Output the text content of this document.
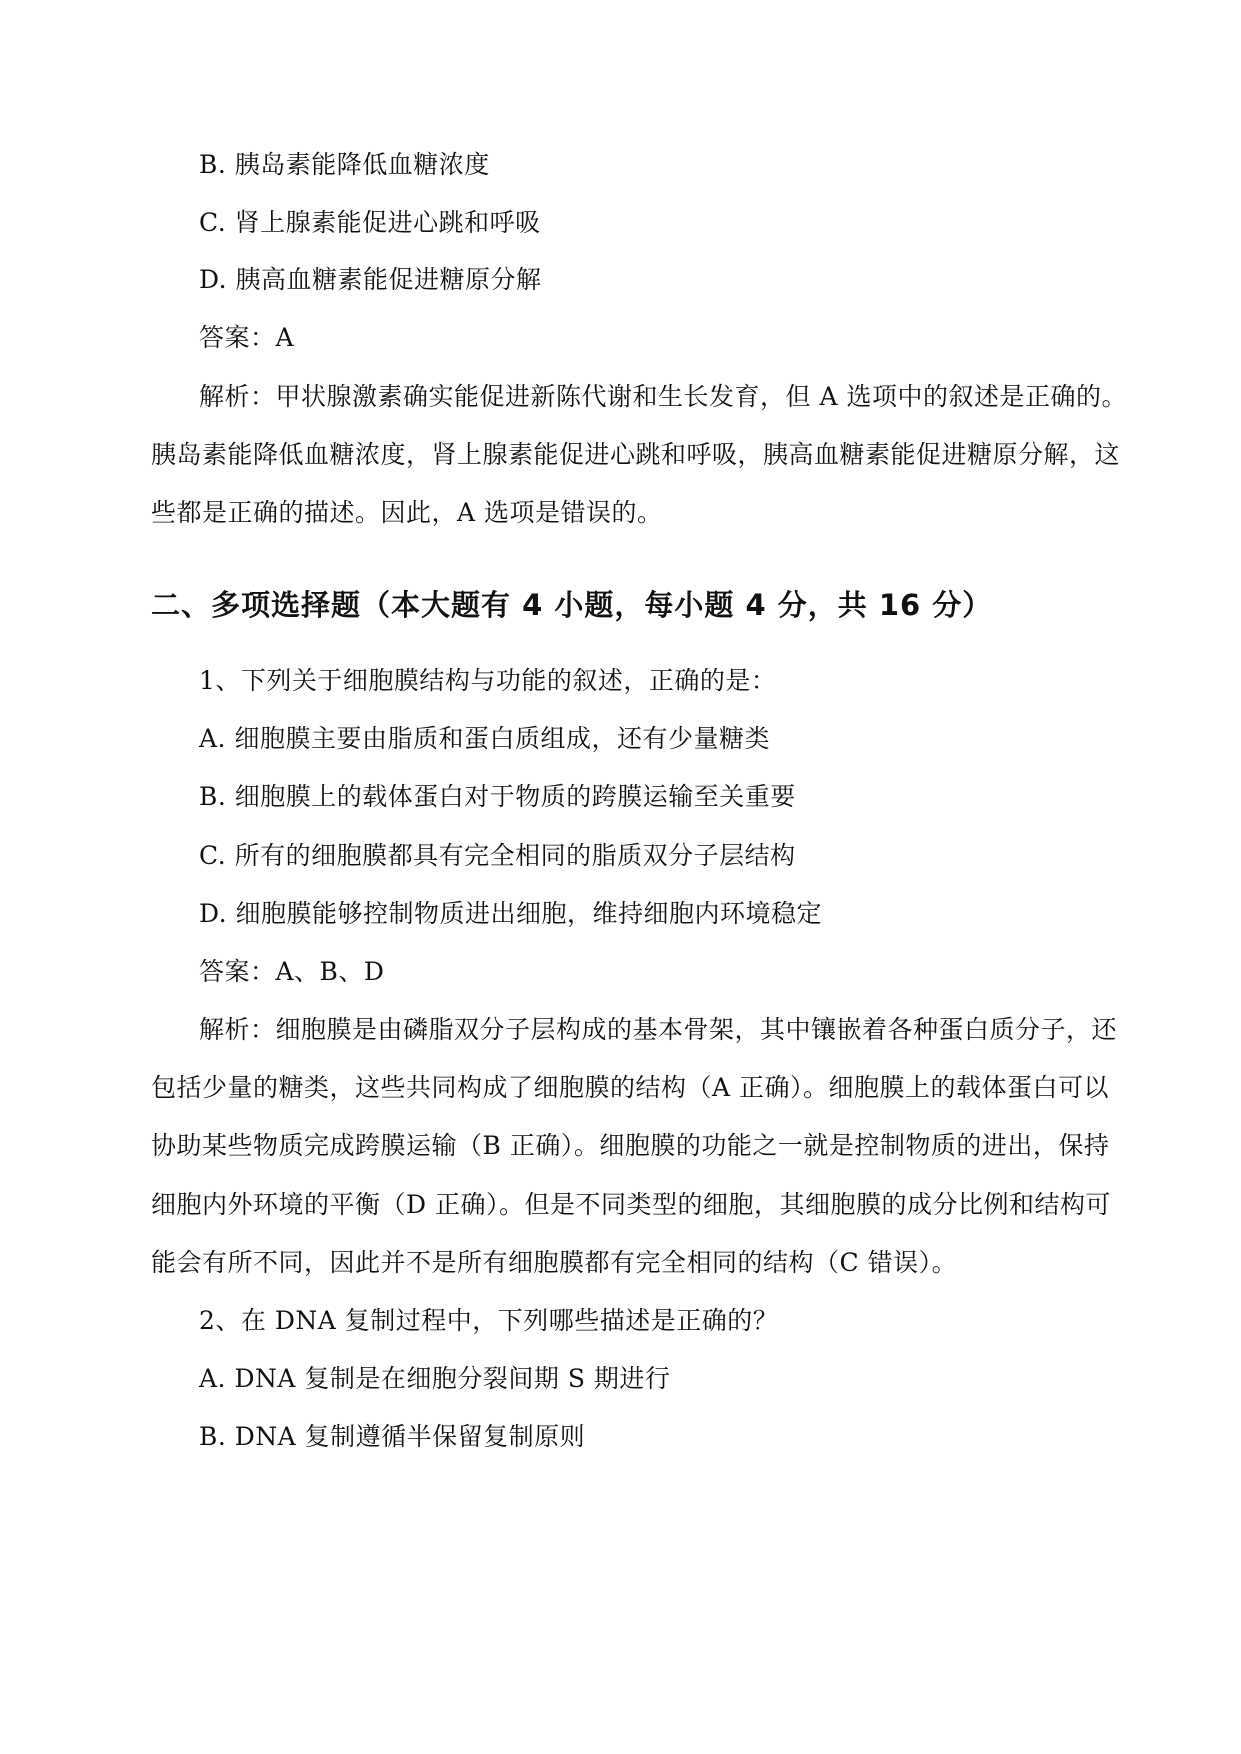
B. 胰岛素能降低血糖浓度
C. 肾上腺素能促进心跳和呼吸
D. 胰高血糖素能促进糖原分解
答案：A
解析：甲状腺激素确实能促进新陈代谢和生长发育，但 A 选项中的叙述是正确的。
胰岛素能降低血糖浓度，肾上腺素能促进心跳和呼吸，胰高血糖素能促进糖原分解，这
些都是正确的描述。因此，A 选项是错误的。
二、多项选择题（本大题有 4 小题，每小题 4 分，共 16 分）
1、下列关于细胞膜结构与功能的叙述，正确的是：
A. 细胞膜主要由脂质和蛋白质组成，还有少量糖类
B. 细胞膜上的载体蛋白对于物质的跨膜运输至关重要
C. 所有的细胞膜都具有完全相同的脂质双分子层结构
D. 细胞膜能够控制物质进出细胞，维持细胞内环境稳定
答案：A、B、D
解析：细胞膜是由磷脂双分子层构成的基本骨架，其中镶嵌着各种蛋白质分子，还
包括少量的糖类，这些共同构成了细胞膜的结构（A 正确）。细胞膜上的载体蛋白可以
协助某些物质完成跨膜运输（B 正确）。细胞膜的功能之一就是控制物质的进出，保持
细胞内外环境的平衡（D 正确）。但是不同类型的细胞，其细胞膜的成分比例和结构可
能会有所不同，因此并不是所有细胞膜都有完全相同的结构（C 错误）。
2、在 DNA 复制过程中，下列哪些描述是正确的？
A. DNA 复制是在细胞分裂间期 S 期进行
B. DNA 复制遵循半保留复制原则
